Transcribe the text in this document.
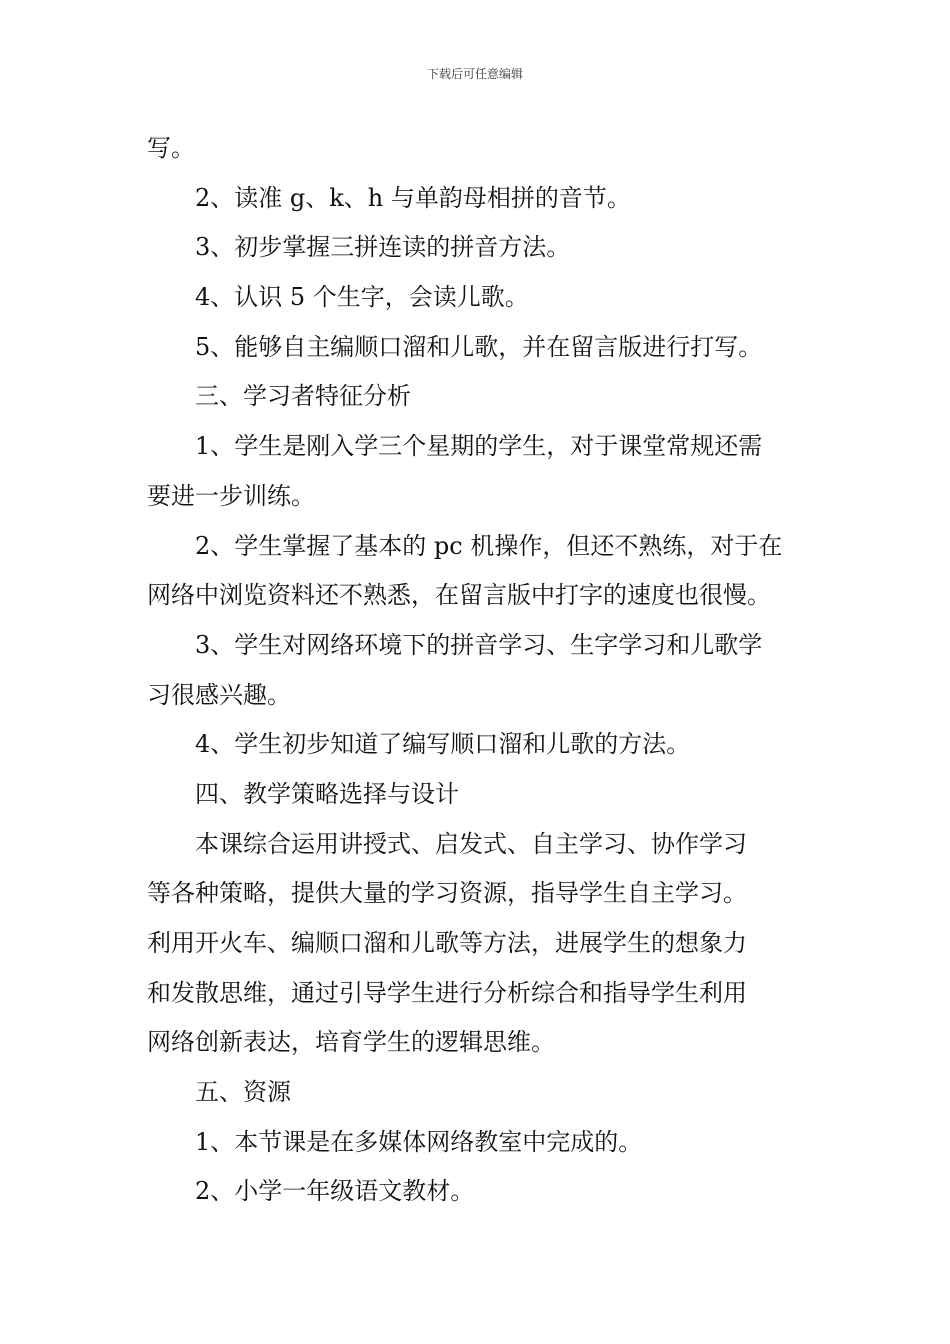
下载后可任意编辑
写。
2、读准 g、k、h 与单韵母相拼的音节。
3、初步掌握三拼连读的拼音方法。
4、认识 5 个生字，会读儿歌。
5、能够自主编顺口溜和儿歌，并在留言版进行打写。
三、学习者特征分析
1、学生是刚入学三个星期的学生，对于课堂常规还需
要进一步训练。
2、学生掌握了基本的 pc 机操作，但还不熟练，对于在
网络中浏览资料还不熟悉，在留言版中打字的速度也很慢。
3、学生对网络环境下的拼音学习、生字学习和儿歌学
习很感兴趣。
4、学生初步知道了编写顺口溜和儿歌的方法。
四、教学策略选择与设计
本课综合运用讲授式、启发式、自主学习、协作学习
等各种策略，提供大量的学习资源，指导学生自主学习。
利用开火车、编顺口溜和儿歌等方法，进展学生的想象力
和发散思维，通过引导学生进行分析综合和指导学生利用
网络创新表达，培育学生的逻辑思维。
五、资源
1、本节课是在多媒体网络教室中完成的。
2、小学一年级语文教材。
